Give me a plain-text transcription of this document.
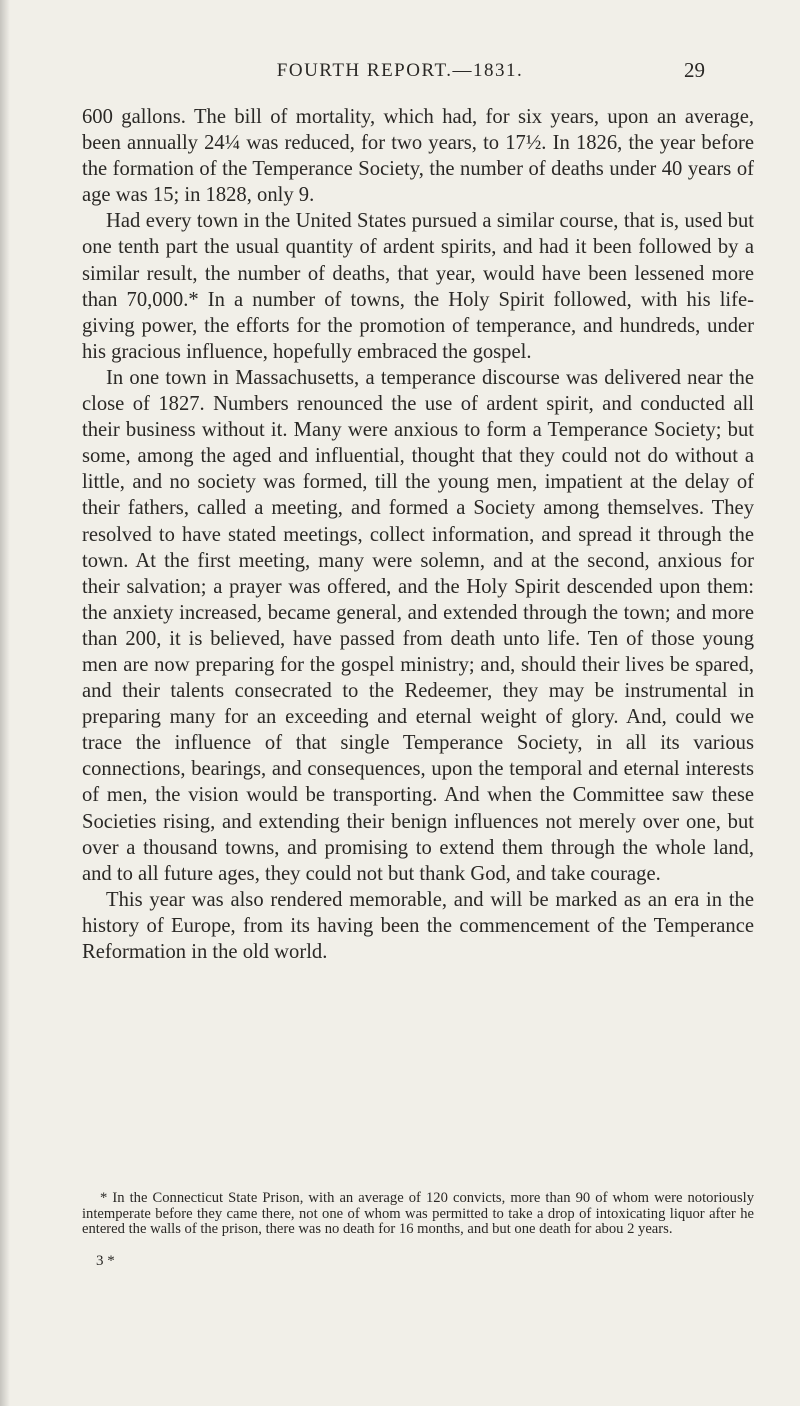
FOURTH REPORT.—1831.	29

600 gallons. The bill of mortality, which had, for six years, upon an average, been annually 24¼ was reduced, for two years, to 17½. In 1826, the year before the formation of the Temperance Society, the number of deaths under 40 years of age was 15; in 1828, only 9.

Had every town in the United States pursued a similar course, that is, used but one tenth part the usual quantity of ardent spirits, and had it been followed by a similar result, the number of deaths, that year, would have been lessened more than 70,000.* In a number of towns, the Holy Spirit followed, with his life-giving power, the efforts for the promotion of temperance, and hundreds, under his gracious influence, hopefully embraced the gospel.

In one town in Massachusetts, a temperance discourse was delivered near the close of 1827. Numbers renounced the use of ardent spirit, and conducted all their business without it. Many were anxious to form a Temperance Society; but some, among the aged and influential, thought that they could not do without a little, and no society was formed, till the young men, impatient at the delay of their fathers, called a meeting, and formed a Society among themselves. They resolved to have stated meetings, collect information, and spread it through the town. At the first meeting, many were solemn, and at the second, anxious for their salvation; a prayer was offered, and the Holy Spirit descended upon them: the anxiety increased, became general, and extended through the town; and more than 200, it is believed, have passed from death unto life. Ten of those young men are now preparing for the gospel ministry; and, should their lives be spared, and their talents consecrated to the Redeemer, they may be instrumental in preparing many for an exceeding and eternal weight of glory. And, could we trace the influence of that single Temperance Society, in all its various connections, bearings, and consequences, upon the temporal and eternal interests of men, the vision would be transporting. And when the Committee saw these Societies rising, and extending their benign influences not merely over one, but over a thousand towns, and promising to extend them through the whole land, and to all future ages, they could not but thank God, and take courage.

This year was also rendered memorable, and will be marked as an era in the history of Europe, from its having been the commencement of the Temperance Reformation in the old world.

* In the Connecticut State Prison, with an average of 120 convicts, more than 90 of whom were notoriously intemperate before they came there, not one of whom was permitted to take a drop of intoxicating liquor after he entered the walls of the prison, there was no death for 16 months, and but one death for abou 2 years.

3 *
